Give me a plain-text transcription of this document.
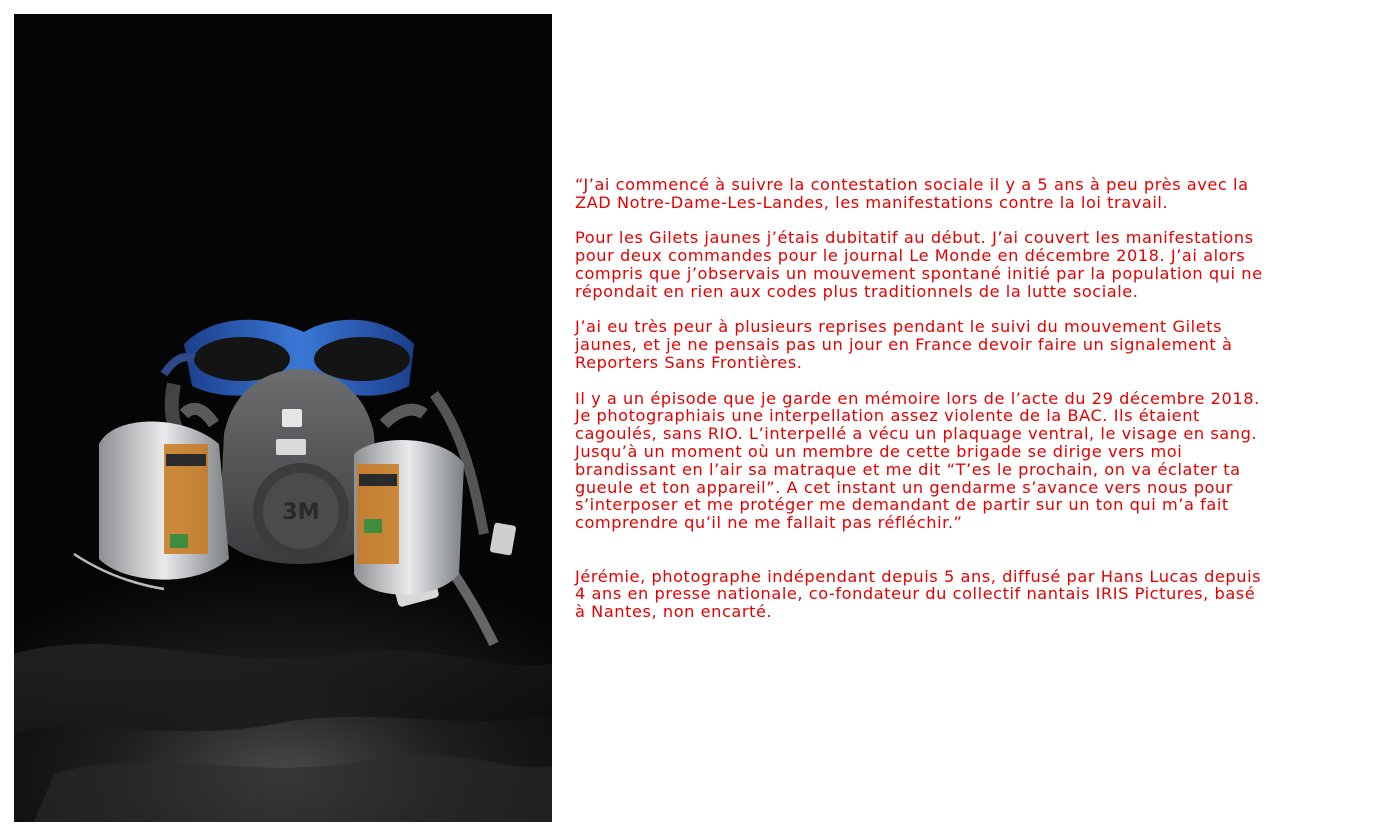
3M

“J’ai commencé à suivre la contestation sociale il y a 5 ans à peu près avec la
ZAD Notre-Dame-Les-Landes, les manifestations contre la loi travail.

Pour les Gilets jaunes j’étais dubitatif au début. J’ai couvert les manifestations
pour deux commandes pour le journal Le Monde en décembre 2018. J’ai alors
compris que j’observais un mouvement spontané initié par la population qui ne
répondait en rien aux codes plus traditionnels de la lutte sociale.

J’ai eu très peur à plusieurs reprises pendant le suivi du mouvement Gilets
jaunes, et je ne pensais pas un jour en France devoir faire un signalement à
Reporters Sans Frontières.

Il y a un épisode que je garde en mémoire lors de l’acte du 29 décembre 2018.
Je photographiais une interpellation assez violente de la BAC. Ils étaient
cagoulés, sans RIO. L’interpellé a vécu un plaquage ventral, le visage en sang.
Jusqu’à un moment où un membre de cette brigade se dirige vers moi
brandissant en l’air sa matraque et me dit “T’es le prochain, on va éclater ta
gueule et ton appareil”. A cet instant un gendarme s’avance vers nous pour
s’interposer et me protéger me demandant de partir sur un ton qui m’a fait
comprendre qu’il ne me fallait pas réfléchir.”

Jérémie, photographe indépendant depuis 5 ans, diffusé par Hans Lucas depuis
4 ans en presse nationale, co-fondateur du collectif nantais IRIS Pictures, basé
à Nantes, non encarté.
